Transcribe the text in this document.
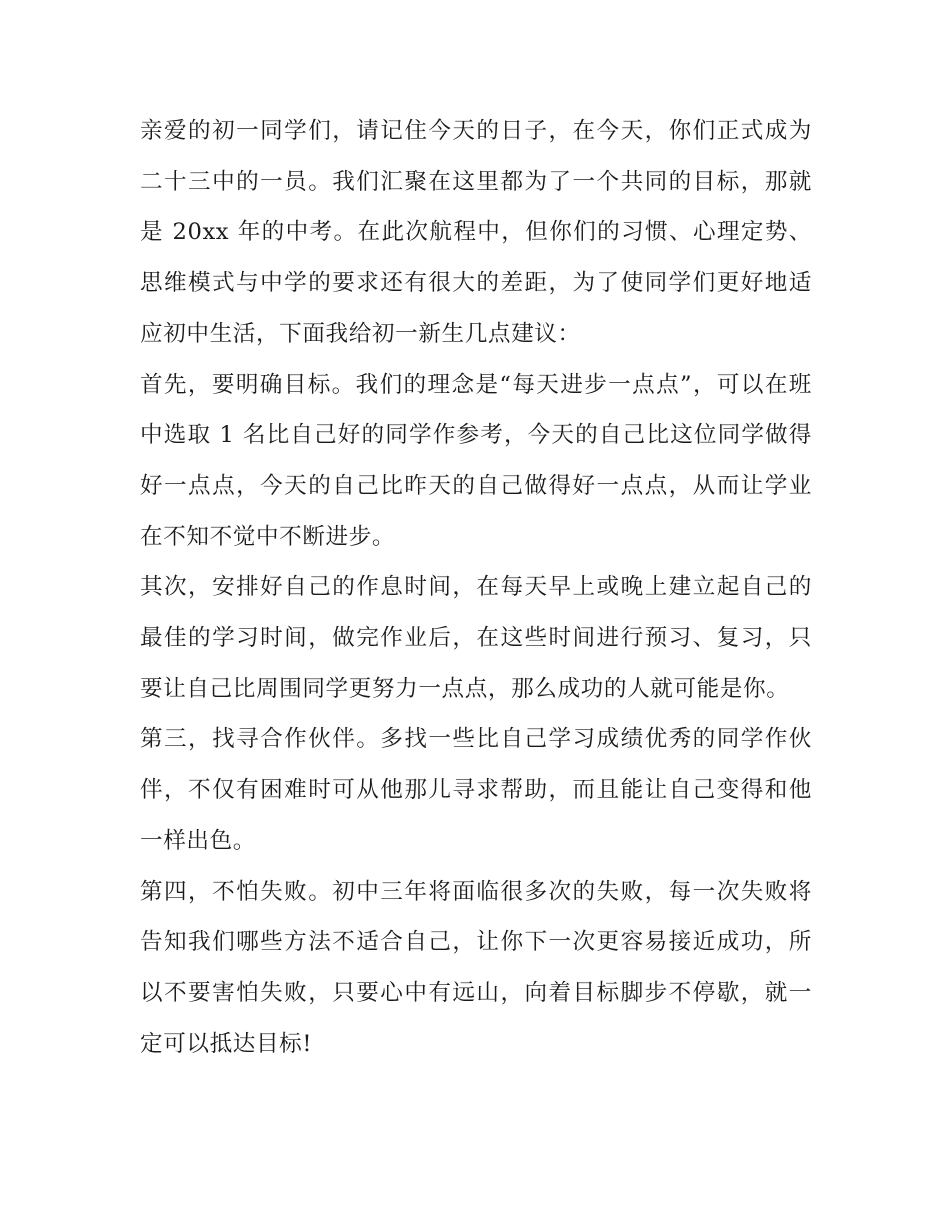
亲爱的初一同学们，请记住今天的日子，在今天，你们正式成为二十三中的一员。我们汇聚在这里都为了一个共同的目标，那就是 20xx 年的中考。在此次航程中，但你们的习惯、心理定势、思维模式与中学的要求还有很大的差距，为了使同学们更好地适应初中生活，下面我给初一新生几点建议：

首先，要明确目标。我们的理念是“每天进步一点点”，可以在班中选取 1 名比自己好的同学作参考，今天的自己比这位同学做得好一点点，今天的自己比昨天的自己做得好一点点，从而让学业在不知不觉中不断进步。

其次，安排好自己的作息时间，在每天早上或晚上建立起自己的最佳的学习时间，做完作业后，在这些时间进行预习、复习，只要让自己比周围同学更努力一点点，那么成功的人就可能是你。

第三，找寻合作伙伴。多找一些比自己学习成绩优秀的同学作伙伴，不仅有困难时可从他那儿寻求帮助，而且能让自己变得和他一样出色。

第四，不怕失败。初中三年将面临很多次的失败，每一次失败将告知我们哪些方法不适合自己，让你下一次更容易接近成功，所以不要害怕失败，只要心中有远山，向着目标脚步不停歇，就一定可以抵达目标!
